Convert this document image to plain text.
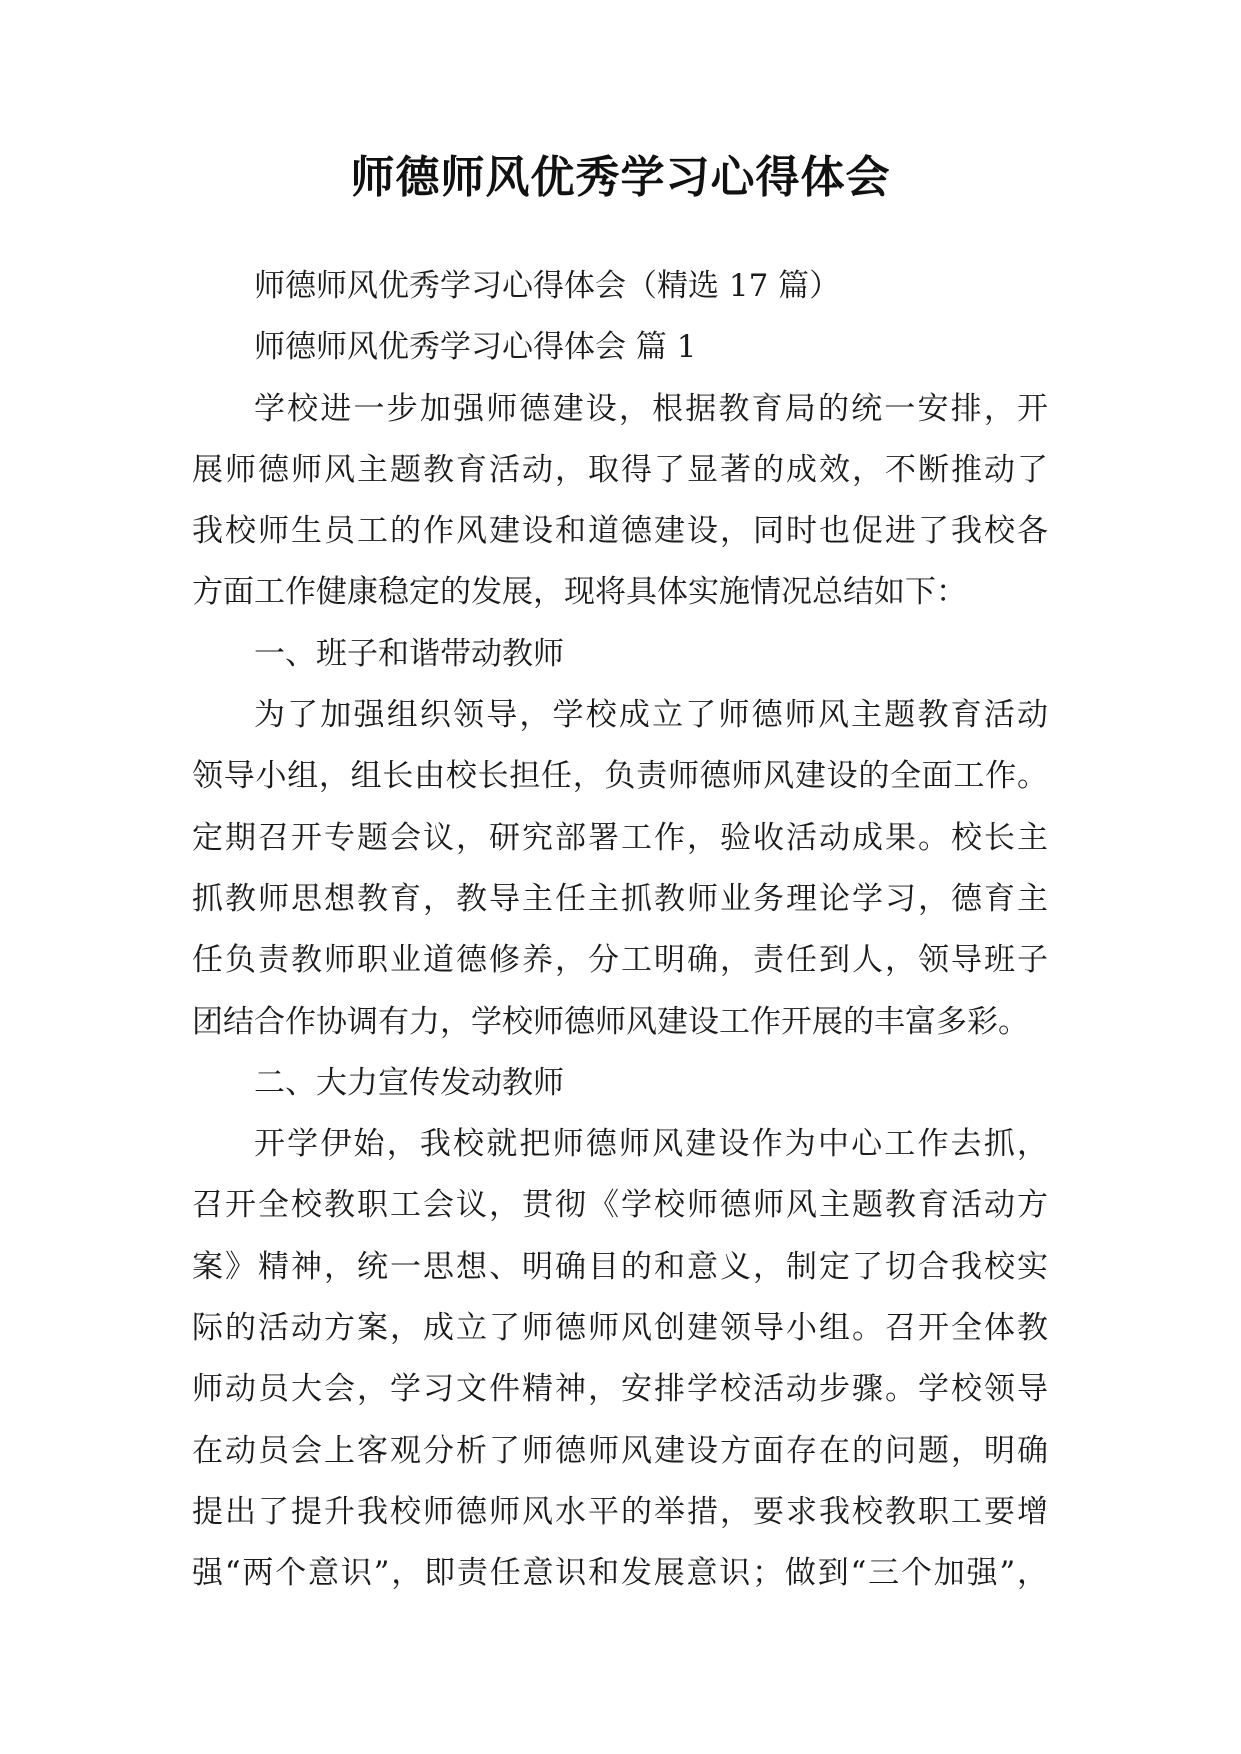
师德师风优秀学习心得体会
师德师风优秀学习心得体会（精选 17 篇）
师德师风优秀学习心得体会 篇 1
学校进一步加强师德建设，根据教育局的统一安排，开
展师德师风主题教育活动，取得了显著的成效，不断推动了
我校师生员工的作风建设和道德建设，同时也促进了我校各
方面工作健康稳定的发展，现将具体实施情况总结如下：
一、班子和谐带动教师
为了加强组织领导，学校成立了师德师风主题教育活动
领导小组，组长由校长担任，负责师德师风建设的全面工作。
定期召开专题会议，研究部署工作，验收活动成果。校长主
抓教师思想教育，教导主任主抓教师业务理论学习，德育主
任负责教师职业道德修养，分工明确，责任到人，领导班子
团结合作协调有力，学校师德师风建设工作开展的丰富多彩。
二、大力宣传发动教师
开学伊始，我校就把师德师风建设作为中心工作去抓，
召开全校教职工会议，贯彻《学校师德师风主题教育活动方
案》精神，统一思想、明确目的和意义，制定了切合我校实
际的活动方案，成立了师德师风创建领导小组。召开全体教
师动员大会，学习文件精神，安排学校活动步骤。学校领导
在动员会上客观分析了师德师风建设方面存在的问题，明确
提出了提升我校师德师风水平的举措，要求我校教职工要增
强“两个意识”，即责任意识和发展意识；做到“三个加强”，
